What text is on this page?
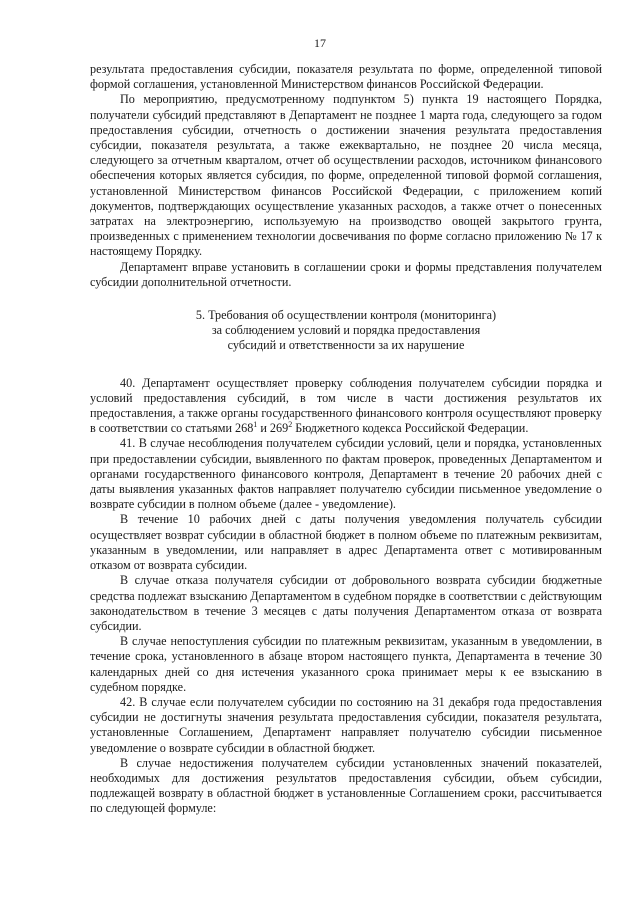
17

результата предоставления субсидии, показателя результата по форме, определенной типовой формой соглашения, установленной Министерством финансов Российской Федерации.

По мероприятию, предусмотренному подпунктом 5) пункта 19 настоящего Порядка, получатели субсидий представляют в Департамент не позднее 1 марта года, следующего за годом предоставления субсидии, отчетность о достижении значения результата предоставления субсидии, показателя результата, а также ежеквартально, не позднее 20 числа месяца, следующего за отчетным кварталом, отчет об осуществлении расходов, источником финансового обеспечения которых является субсидия, по форме, определенной типовой формой соглашения, установленной Министерством финансов Российской Федерации, с приложением копий документов, подтверждающих осуществление указанных расходов, а также отчет о понесенных затратах на электроэнергию, используемую на производство овощей закрытого грунта, произведенных с применением технологии досвечивания по форме согласно приложению № 17 к настоящему Порядку.

Департамент вправе установить в соглашении сроки и формы представления получателем субсидии дополнительной отчетности.

5. Требования об осуществлении контроля (мониторинга)
за соблюдением условий и порядка предоставления
субсидий и ответственности за их нарушение

40. Департамент осуществляет проверку соблюдения получателем субсидии порядка и условий предоставления субсидий, в том числе в части достижения результатов их предоставления, а также органы государственного финансового контроля осуществляют проверку в соответствии со статьями $268^1$ и $269^2$ Бюджетного кодекса Российской Федерации.

41. В случае несоблюдения получателем субсидии условий, цели и порядка, установленных при предоставлении субсидии, выявленного по фактам проверок, проведенных Департаментом и органами государственного финансового контроля, Департамент в течение 20 рабочих дней с даты выявления указанных фактов направляет получателю субсидии письменное уведомление о возврате субсидии в полном объеме (далее - уведомление).

В течение 10 рабочих дней с даты получения уведомления получатель субсидии осуществляет возврат субсидии в областной бюджет в полном объеме по платежным реквизитам, указанным в уведомлении, или направляет в адрес Департамента ответ с мотивированным отказом от возврата субсидии.

В случае отказа получателя субсидии от добровольного возврата субсидии бюджетные средства подлежат взысканию Департаментом в судебном порядке в соответствии с действующим законодательством в течение 3 месяцев с даты получения Департаментом отказа от возврата субсидии.

В случае непоступления субсидии по платежным реквизитам, указанным в уведомлении, в течение срока, установленного в абзаце втором настоящего пункта, Департамента в течение 30 календарных дней со дня истечения указанного срока принимает меры к ее взысканию в судебном порядке.

42. В случае если получателем субсидии по состоянию на 31 декабря года предоставления субсидии не достигнуты значения результата предоставления субсидии, показателя результата, установленные Соглашением, Департамент направляет получателю субсидии письменное уведомление о возврате субсидии в областной бюджет.

В случае недостижения получателем субсидии установленных значений показателей, необходимых для достижения результатов предоставления субсидии, объем субсидии, подлежащей возврату в областной бюджет в установленные Соглашением сроки, рассчитывается по следующей формуле:
